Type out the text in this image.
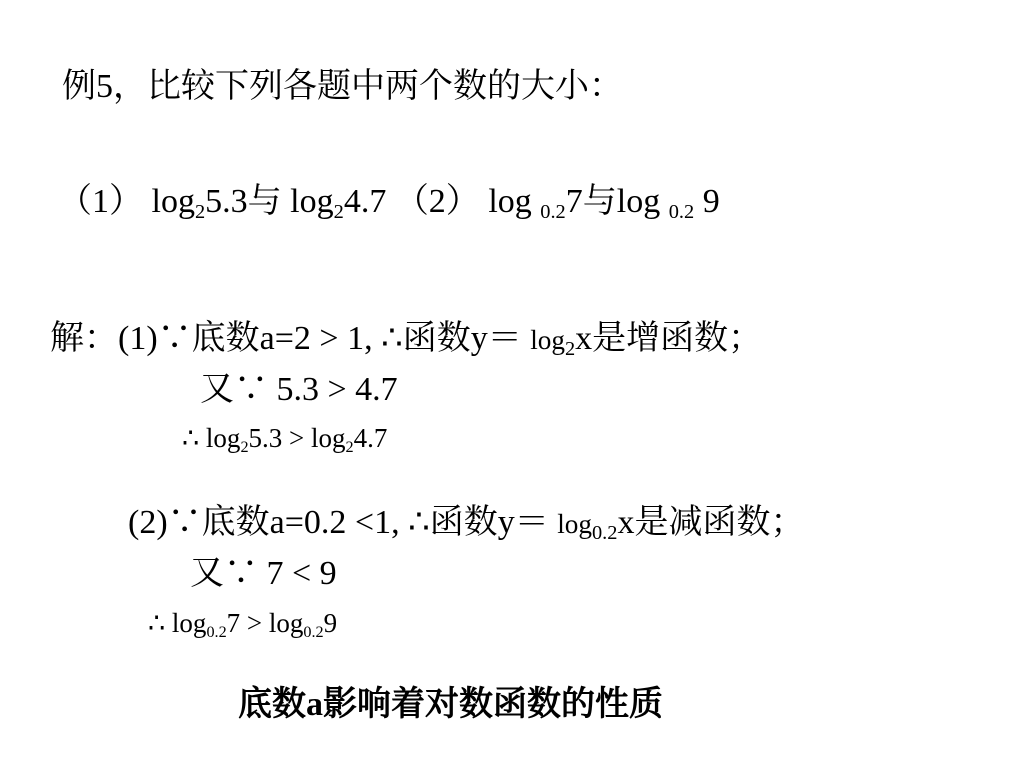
例5，比较下列各题中两个数的大小：
（1） $\log_25.3$与 $\log_24.7$ （2） log $_{0.2}$7与log $_{0.2}$ 9
解：(1)∵底数a=2 > 1, ∴函数$y= \log_2x$是增函数；
又∵ 5.3 > 4.7
∴ $\log_25.3 > \log_24.7$
(2)∵底数a=0.2 <1, ∴函数$y= \log_{0.2}x$是减函数；
又∵ 7 < 9
∴ $\log_{0.2}7 > \log_{0.2}9$
底数a影响着对数函数的性质
